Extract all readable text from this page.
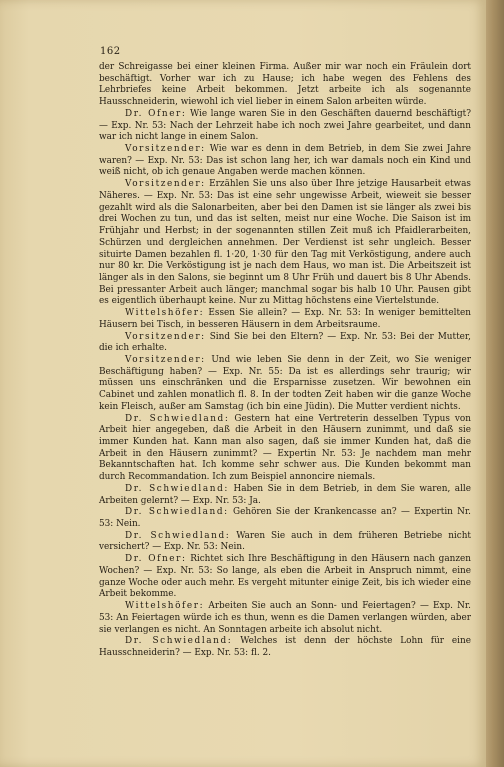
162

der Schreigasse bei einer kleinen Firma. Außer mir war noch ein Fräulein dort beschäftigt. Vorher war ich zu Hause; ich habe wegen des Fehlens des Lehrbriefes keine Arbeit bekommen. Jetzt arbeite ich als sogenannte Hausschneiderin, wiewohl ich viel lieber in einem Salon arbeiten würde.

Dr. Ofner: Wie lange waren Sie in den Geschäften dauernd beschäftigt? — Exp. Nr. 53: Nach der Lehrzeit habe ich noch zwei Jahre gearbeitet, und dann war ich nicht lange in einem Salon.

Vorsitzender: Wie war es denn in dem Betrieb, in dem Sie zwei Jahre waren? — Exp. Nr. 53: Das ist schon lang her, ich war damals noch ein Kind und weiß nicht, ob ich genaue Angaben werde machen können.

Vorsitzender: Erzählen Sie uns also über Ihre jetzige Hausarbeit etwas Näheres. — Exp. Nr. 53: Das ist eine sehr ungewisse Arbeit, wieweit sie besser gezahlt wird als die Salonarbeiten, aber bei den Damen ist sie länger als zwei bis drei Wochen zu tun, und das ist selten, meist nur eine Woche. Die Saison ist im Frühjahr und Herbst; in der sogenannten stillen Zeit muß ich Pfaidlerarbeiten, Schürzen und dergleichen annehmen. Der Verdienst ist sehr ungleich. Besser situirte Damen bezahlen fl. 1·20, 1·30 für den Tag mit Verköstigung, andere auch nur 80 kr. Die Verköstigung ist je nach dem Haus, wo man ist. Die Arbeitszeit ist länger als in den Salons, sie beginnt um 8 Uhr Früh und dauert bis 8 Uhr Abends. Bei pressanter Arbeit auch länger; manchmal sogar bis halb 10 Uhr. Pausen gibt es eigentlich überhaupt keine. Nur zu Mittag höchstens eine Viertelstunde.

Wittelshöfer: Essen Sie allein? — Exp. Nr. 53: In weniger bemittelten Häusern bei Tisch, in besseren Häusern in dem Arbeitsraume.

Vorsitzender: Sind Sie bei den Eltern? — Exp. Nr. 53: Bei der Mutter, die ich erhalte.

Vorsitzender: Und wie leben Sie denn in der Zeit, wo Sie weniger Beschäftigung haben? — Exp. Nr. 55: Da ist es allerdings sehr traurig; wir müssen uns einschränken und die Ersparnisse zusetzen. Wir bewohnen ein Cabinet und zahlen monatlich fl. 8. In der todten Zeit haben wir die ganze Woche kein Fleisch, außer am Samstag (ich bin eine Jüdin). Die Mutter verdient nichts.

Dr. Schwiedland: Gestern hat eine Vertreterin desselben Typus von Arbeit hier angegeben, daß die Arbeit in den Häusern zunimmt, und daß sie immer Kunden hat. Kann man also sagen, daß sie immer Kunden hat, daß die Arbeit in den Häusern zunimmt? — Expertin Nr. 53: Je nachdem man mehr Bekanntschaften hat. Ich komme sehr schwer aus. Die Kunden bekommt man durch Recommandation. Ich zum Beispiel annoncire niemals.

Dr. Schwiedland: Haben Sie in dem Betrieb, in dem Sie waren, alle Arbeiten gelernt? — Exp. Nr. 53: Ja.

Dr. Schwiedland: Gehören Sie der Krankencasse an? — Expertin Nr. 53: Nein.

Dr. Schwiedland: Waren Sie auch in dem früheren Betriebe nicht versichert? — Exp. Nr. 53: Nein.

Dr. Ofner: Richtet sich Ihre Beschäftigung in den Häusern nach ganzen Wochen? — Exp. Nr. 53: So lange, als eben die Arbeit in Anspruch nimmt, eine ganze Woche oder auch mehr. Es vergeht mitunter einige Zeit, bis ich wieder eine Arbeit bekomme.

Wittelshöfer: Arbeiten Sie auch an Sonn- und Feiertagen? — Exp. Nr. 53: An Feiertagen würde ich es thun, wenn es die Damen verlangen würden, aber sie verlangen es nicht. An Sonntagen arbeite ich absolut nicht.

Dr. Schwiedland: Welches ist denn der höchste Lohn für eine Hausschneiderin? — Exp. Nr. 53: fl. 2.
